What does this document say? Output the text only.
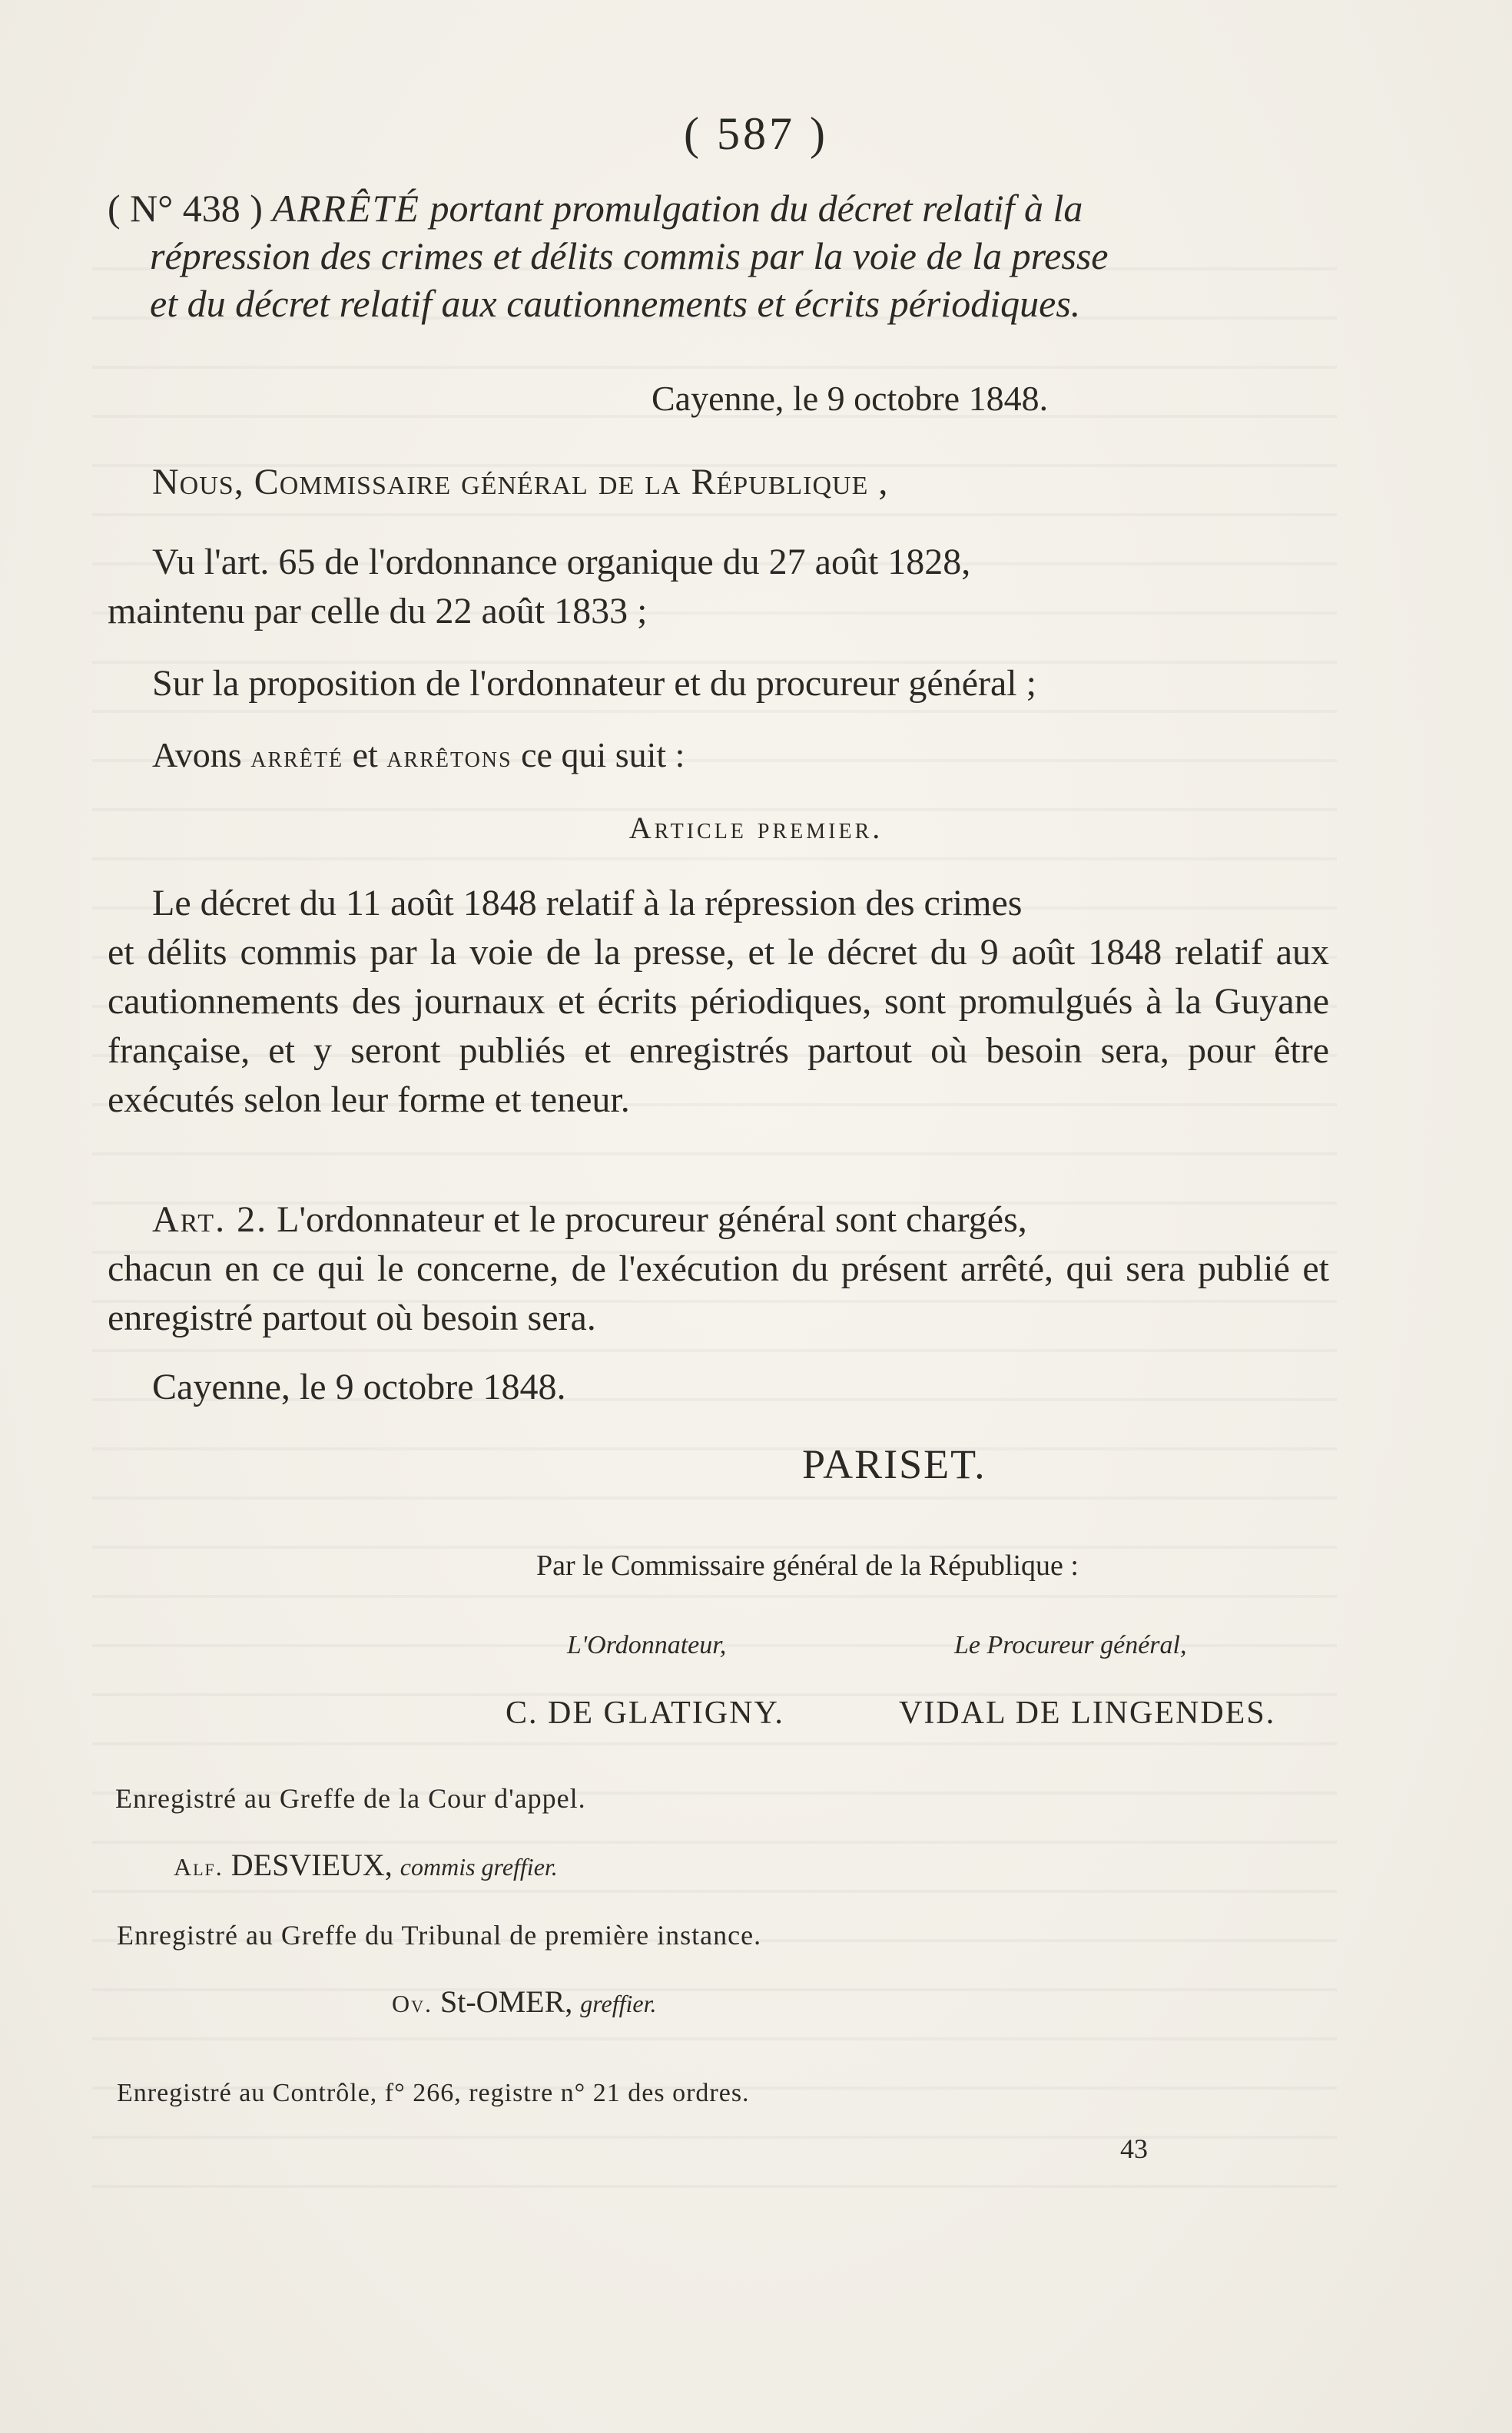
( 587 )
( N° 438 ) ARRÊTÉ portant promulgation du décret relatif à la
répression des crimes et délits commis par la voie de la presse
et du décret relatif aux cautionnements et écrits périodiques.
Cayenne, le 9 octobre 1848.
Nous, Commissaire général de la République ,
Vu l'art. 65 de l'ordonnance organique du 27 août 1828,
maintenu par celle du 22 août 1833 ;
Sur la proposition de l'ordonnateur et du procureur général ;
Avons arrêté et arrêtons ce qui suit :
Article premier.
Le décret du 11 août 1848 relatif à la répression des crimes
et délits commis par la voie de la presse, et le décret du 9 août 1848 relatif aux cautionnements des journaux et écrits périodiques, sont promulgués à la Guyane française, et y seront publiés et enregistrés partout où besoin sera, pour être exécutés selon leur forme et teneur.
Art. 2. L'ordonnateur et le procureur général sont chargés,
chacun en ce qui le concerne, de l'exécution du présent arrêté, qui sera publié et enregistré partout où besoin sera.
Cayenne, le 9 octobre 1848.
PARISET.
Par le Commissaire général de la République :
L'Ordonnateur,	Le Procureur général,
C. DE GLATIGNY.	VIDAL DE LINGENDES.
Enregistré au Greffe de la Cour d'appel.
Alf. DESVIEUX, commis greffier.
Enregistré au Greffe du Tribunal de première instance.
Ov. St-OMER, greffier.
Enregistré au Contrôle, f° 266, registre n° 21 des ordres.
43
